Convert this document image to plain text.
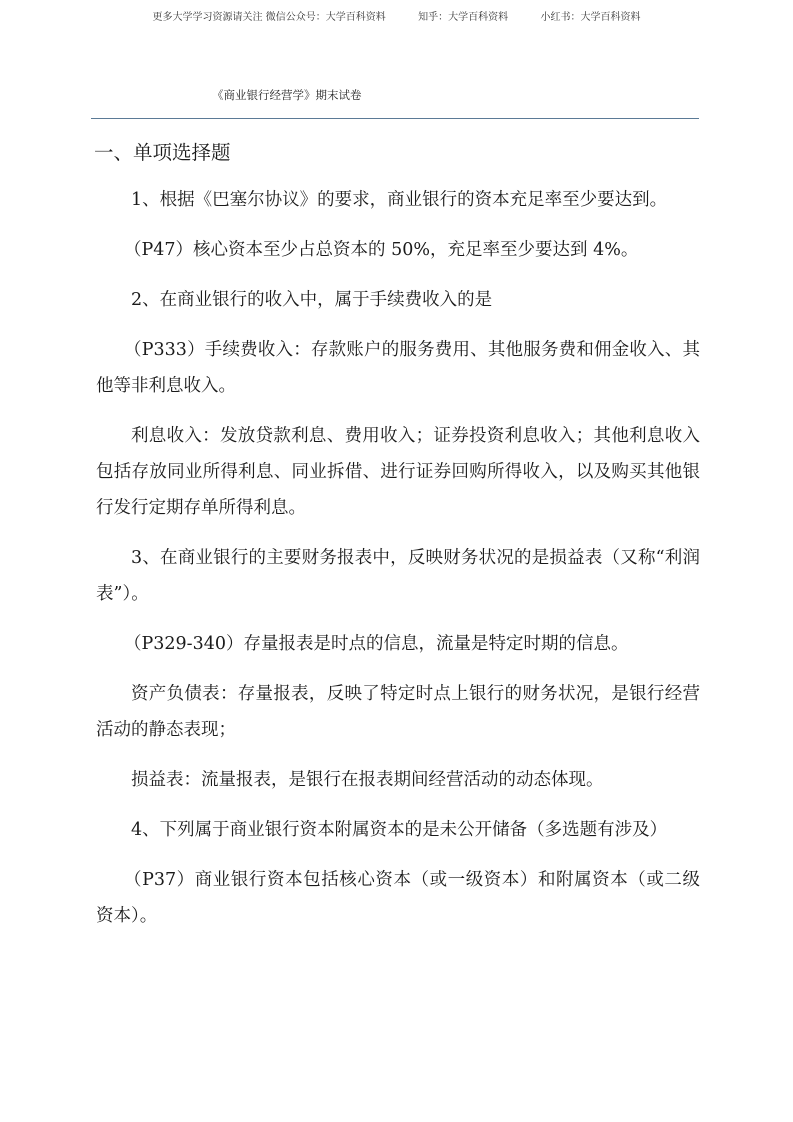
更多大学学习资源请关注 微信公众号：大学百科资料	知乎：大学百科资料	小红书：大学百科资料
《商业银行经营学》期末试卷
一、单项选择题

1、根据《巴塞尔协议》的要求，商业银行的资本充足率至少要达到。

（P47）核心资本至少占总资本的 50%，充足率至少要达到 4%。

2、在商业银行的收入中，属于手续费收入的是

（P333）手续费收入：存款账户的服务费用、其他服务费和佣金收入、其他等非利息收入。

利息收入：发放贷款利息、费用收入；证券投资利息收入；其他利息收入包括存放同业所得利息、同业拆借、进行证券回购所得收入，以及购买其他银行发行定期存单所得利息。

3、在商业银行的主要财务报表中，反映财务状况的是损益表（又称“利润表”）。

（P329-340）存量报表是时点的信息，流量是特定时期的信息。

资产负债表：存量报表，反映了特定时点上银行的财务状况，是银行经营活动的静态表现；

损益表：流量报表，是银行在报表期间经营活动的动态体现。

4、下列属于商业银行资本附属资本的是未公开储备（多选题有涉及）

（P37）商业银行资本包括核心资本（或一级资本）和附属资本（或二级资本）。
